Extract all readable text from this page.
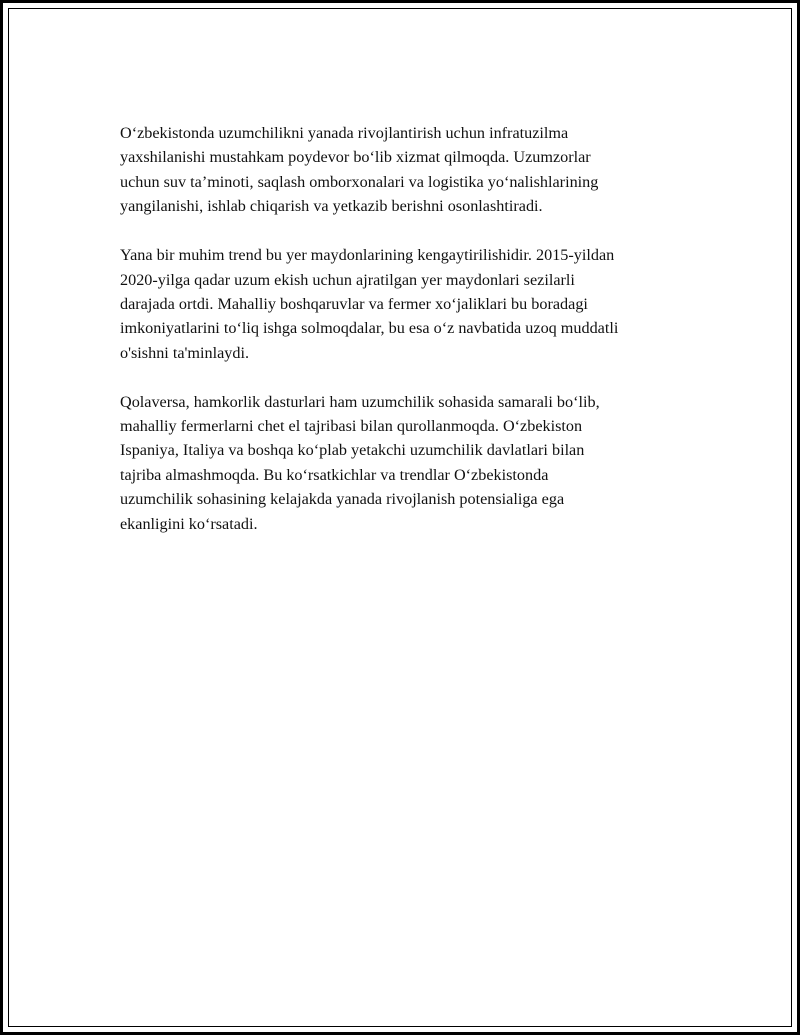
O‘zbekistonda uzumchilikni yanada rivojlantirish uchun infratuzilma
yaxshilanishi mustahkam poydevor bo‘lib xizmat qilmoqda. Uzumzorlar
uchun suv ta’minoti, saqlash omborxonalari va logistika yo‘nalishlarining
yangilanishi, ishlab chiqarish va yetkazib berishni osonlashtiradi.

Yana bir muhim trend bu yer maydonlarining kengaytirilishidir. 2015-yildan
2020-yilga qadar uzum ekish uchun ajratilgan yer maydonlari sezilarli
darajada ortdi. Mahalliy boshqaruvlar va fermer xo‘jaliklari bu boradagi
imkoniyatlarini to‘liq ishga solmoqdalar, bu esa o‘z navbatida uzoq muddatli
o'sishni ta'minlaydi.

Qolaversa, hamkorlik dasturlari ham uzumchilik sohasida samarali bo‘lib,
mahalliy fermerlarni chet el tajribasi bilan qurollanmoqda. O‘zbekiston
Ispaniya, Italiya va boshqa ko‘plab yetakchi uzumchilik davlatlari bilan
tajriba almashmoqda. Bu ko‘rsatkichlar va trendlar O‘zbekistonda
uzumchilik sohasining kelajakda yanada rivojlanish potensialiga ega
ekanligini ko‘rsatadi.
